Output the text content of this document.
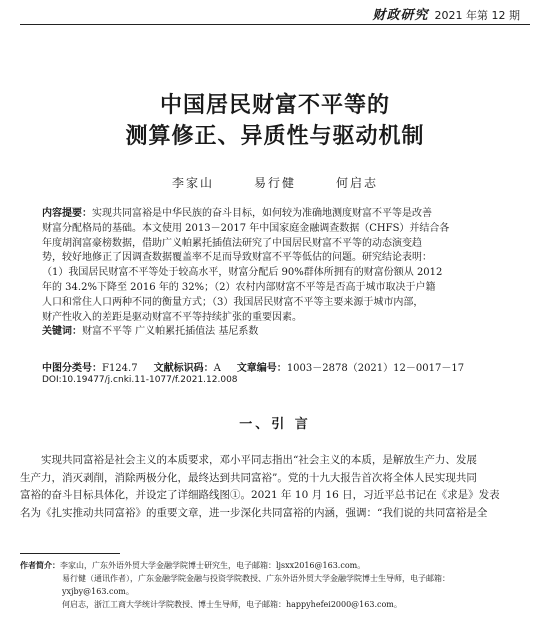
财政研究 2021 年第 12 期
中国居民财富不平等的
测算修正、异质性与驱动机制
李家山	易行健	何启志
内容提要：实现共同富裕是中华民族的奋斗目标，如何较为准确地测度财富不平等是改善
财富分配格局的基础。本文使用 2013－2017 年中国家庭金融调查数据（CHFS）并结合各
年度胡润富豪榜数据，借助广义帕累托插值法研究了中国居民财富不平等的动态演变趋
势，较好地修正了因调查数据覆盖率不足而导致财富不平等低估的问题。研究结论表明：
（1）我国居民财富不平等处于较高水平，财富分配后 90%群体所拥有的财富份额从 2012
年的 34.2%下降至 2016 年的 32%；（2）农村内部财富不平等是否高于城市取决于户籍
人口和常住人口两种不同的衡量方式；（3）我国居民财富不平等主要来源于城市内部，
财产性收入的差距是驱动财富不平等持续扩张的重要因素。
关键词：财富不平等 广义帕累托插值法 基尼系数
中图分类号：F124.7 文献标识码：A 文章编号：1003－2878（2021）12－0017－17
DOI:10.19477/j.cnki.11-1077/f.2021.12.008
一、引 言
实现共同富裕是社会主义的本质要求，邓小平同志指出“社会主义的本质，是解放生产力、发展
生产力，消灭剥削，消除两极分化，最终达到共同富裕”。党的十九大报告首次将全体人民实现共同
富裕的奋斗目标具体化，并设定了详细路线图①。2021 年 10 月 16 日，习近平总书记在《求是》发表
名为《扎实推动共同富裕》的重要文章，进一步深化共同富裕的内涵，强调：“我们说的共同富裕是全
作者简介：李家山，广东外语外贸大学金融学院博士研究生，电子邮箱：ljsxx2016@163.com。
易行健（通讯作者），广东金融学院金融与投资学院教授、广东外语外贸大学金融学院博士生导师，电子邮箱：
yxjby@163.com。
何启志，浙江工商大学统计学院教授、博士生导师，电子邮箱：happyhefei2000@163.com。
